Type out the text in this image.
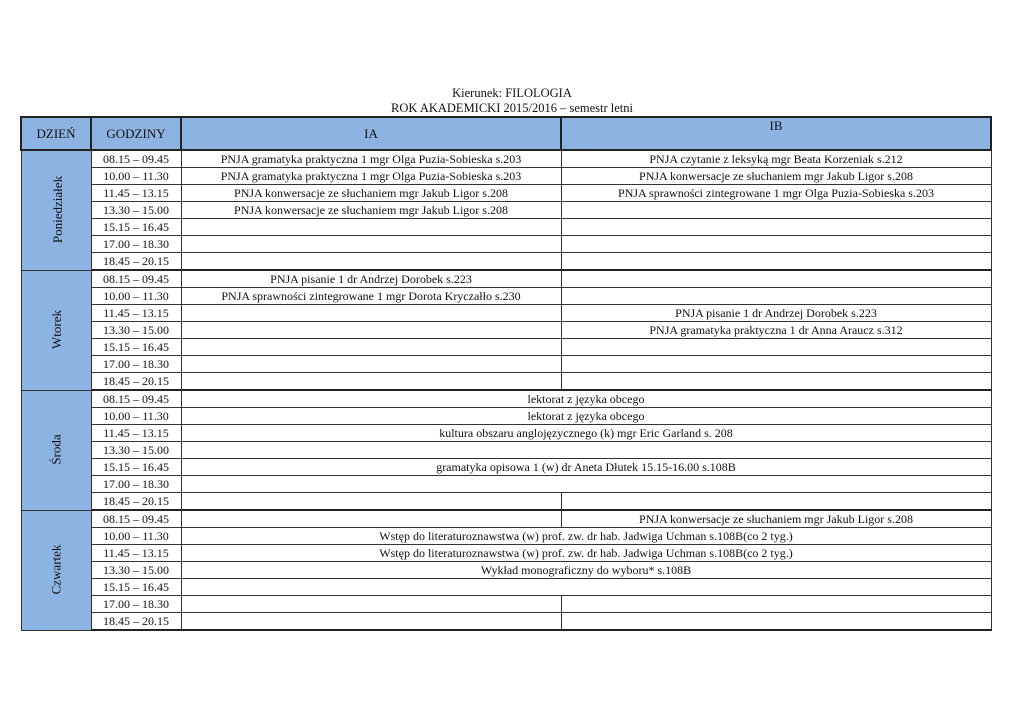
Kierunek: FILOLOGIA
ROK AKADEMICKI 2015/2016 – semestr letni
DZIEŃ	GODZINY	IA	IB
Poniedziałek	08.15 – 09.45	PNJA gramatyka praktyczna 1 mgr Olga Puzia-Sobieska s.203	PNJA czytanie z leksyką mgr Beata Korzeniak s.212
	10.00 – 11.30	PNJA gramatyka praktyczna 1 mgr Olga Puzia-Sobieska s.203	PNJA konwersacje ze słuchaniem mgr Jakub Ligor s.208
	11.45 – 13.15	PNJA konwersacje ze słuchaniem mgr Jakub Ligor s.208	PNJA sprawności zintegrowane 1 mgr Olga Puzia-Sobieska s.203
	13.30 – 15.00	PNJA konwersacje ze słuchaniem mgr Jakub Ligor s.208	
	15.15 – 16.45		
	17.00 – 18.30		
	18.45 – 20.15		
Wtorek	08.15 – 09.45	PNJA pisanie 1 dr Andrzej Dorobek s.223	
	10.00 – 11.30	PNJA sprawności zintegrowane 1 mgr Dorota Kryczałło s.230	
	11.45 – 13.15		PNJA pisanie 1 dr Andrzej Dorobek s.223
	13.30 – 15.00		PNJA gramatyka praktyczna 1 dr Anna Araucz s.312
	15.15 – 16.45		
	17.00 – 18.30		
	18.45 – 20.15		
Środa	08.15 – 09.45	lektorat z języka obcego	
	10.00 – 11.30	lektorat z języka obcego	
	11.45 – 13.15	kultura obszaru anglojęzycznego (k) mgr Eric Garland s. 208	
	13.30 – 15.00		
	15.15 – 16.45	gramatyka opisowa 1 (w) dr Aneta Dłutek 15.15-16.00 s.108B	
	17.00 – 18.30		
	18.45 – 20.15		
Czwartek	08.15 – 09.45		PNJA konwersacje ze słuchaniem mgr Jakub Ligor s.208
	10.00 – 11.30	Wstęp do literaturoznawstwa (w) prof. zw. dr hab. Jadwiga Uchman s.108B(co 2 tyg.)	
	11.45 – 13.15	Wstęp do literaturoznawstwa (w) prof. zw. dr hab. Jadwiga Uchman s.108B(co 2 tyg.)	
	13.30 – 15.00	Wykład monograficzny do wyboru* s.108B	
	15.15 – 16.45		
	17.00 – 18.30		
	18.45 – 20.15		
